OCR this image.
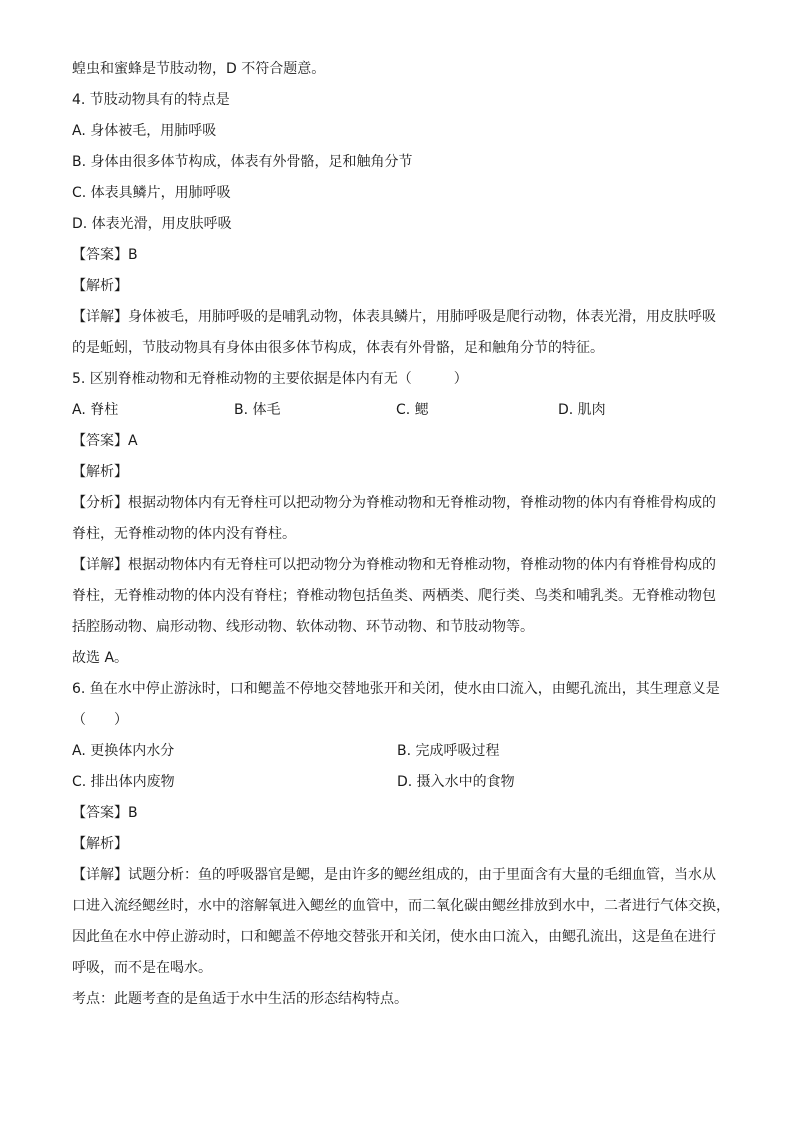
蝗虫和蜜蜂是节肢动物，D 不符合题意。
4. 节肢动物具有的特点是
A. 身体被毛，用肺呼吸
B. 身体由很多体节构成，体表有外骨骼，足和触角分节
C. 体表具鳞片，用肺呼吸
D. 体表光滑，用皮肤呼吸
【答案】B
【解析】
【详解】身体被毛，用肺呼吸的是哺乳动物，体表具鳞片，用肺呼吸是爬行动物，体表光滑，用皮肤呼吸
的是蚯蚓，节肢动物具有身体由很多体节构成，体表有外骨骼，足和触角分节的特征。
5. 区别脊椎动物和无脊椎动物的主要依据是体内有无（　　　）
A. 脊柱	B. 体毛	C. 鳃	D. 肌肉
【答案】A
【解析】
【分析】根据动物体内有无脊柱可以把动物分为脊椎动物和无脊椎动物，脊椎动物的体内有脊椎骨构成的
脊柱，无脊椎动物的体内没有脊柱。
【详解】根据动物体内有无脊柱可以把动物分为脊椎动物和无脊椎动物，脊椎动物的体内有脊椎骨构成的
脊柱，无脊椎动物的体内没有脊柱；脊椎动物包括鱼类、两栖类、爬行类、鸟类和哺乳类。无脊椎动物包
括腔肠动物、扁形动物、线形动物、软体动物、环节动物、和节肢动物等。
故选 A。
6. 鱼在水中停止游泳时，口和鳃盖不停地交替地张开和关闭，使水由口流入，由鳃孔流出，其生理意义是
（　　）
A. 更换体内水分	B. 完成呼吸过程
C. 排出体内废物	D. 摄入水中的食物
【答案】B
【解析】
【详解】试题分析：鱼的呼吸器官是鳃，是由许多的鳃丝组成的，由于里面含有大量的毛细血管，当水从
口进入流经鳃丝时，水中的溶解氧进入鳃丝的血管中，而二氧化碳由鳃丝排放到水中，二者进行气体交换，
因此鱼在水中停止游动时，口和鳃盖不停地交替张开和关闭，使水由口流入，由鳃孔流出，这是鱼在进行
呼吸，而不是在喝水。
考点：此题考查的是鱼适于水中生活的形态结构特点。
